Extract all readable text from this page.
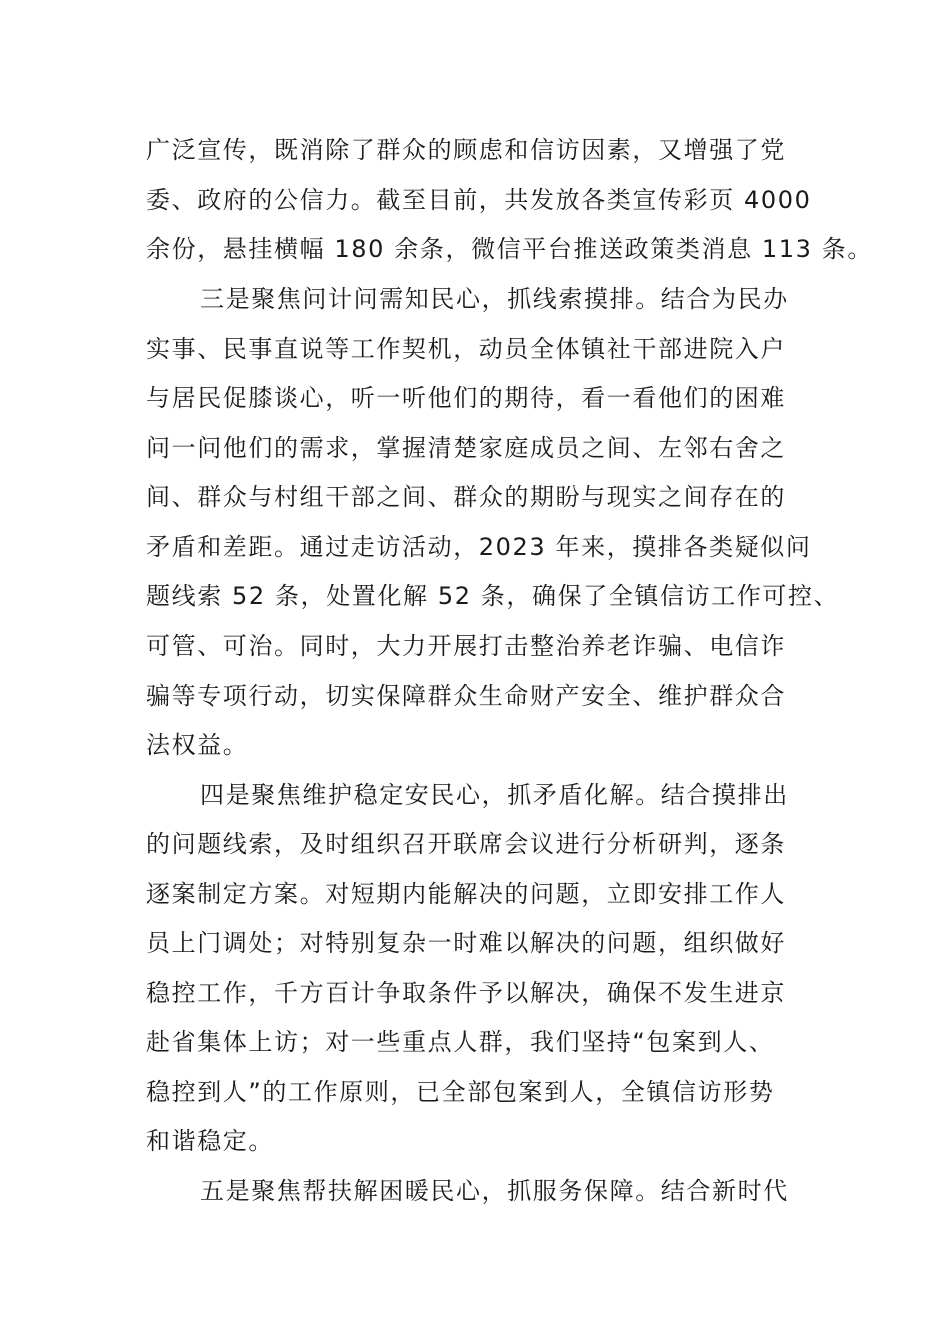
广泛宣传，既消除了群众的顾虑和信访因素，又增强了党
委、政府的公信力。截至目前，共发放各类宣传彩页 4000
余份，悬挂横幅 180 余条，微信平台推送政策类消息 113 条。
三是聚焦问计问需知民心，抓线索摸排。结合为民办
实事、民事直说等工作契机，动员全体镇社干部进院入户
与居民促膝谈心，听一听他们的期待，看一看他们的困难
问一问他们的需求，掌握清楚家庭成员之间、左邻右舍之
间、群众与村组干部之间、群众的期盼与现实之间存在的
矛盾和差距。通过走访活动，2023 年来，摸排各类疑似问
题线索 52 条，处置化解 52 条，确保了全镇信访工作可控、
可管、可治。同时，大力开展打击整治养老诈骗、电信诈
骗等专项行动，切实保障群众生命财产安全、维护群众合
法权益。
四是聚焦维护稳定安民心，抓矛盾化解。结合摸排出
的问题线索，及时组织召开联席会议进行分析研判，逐条
逐案制定方案。对短期内能解决的问题，立即安排工作人
员上门调处；对特别复杂一时难以解决的问题，组织做好
稳控工作，千方百计争取条件予以解决，确保不发生进京
赴省集体上访；对一些重点人群，我们坚持“包案到人、
稳控到人”的工作原则，已全部包案到人，全镇信访形势
和谐稳定。
五是聚焦帮扶解困暖民心，抓服务保障。结合新时代
